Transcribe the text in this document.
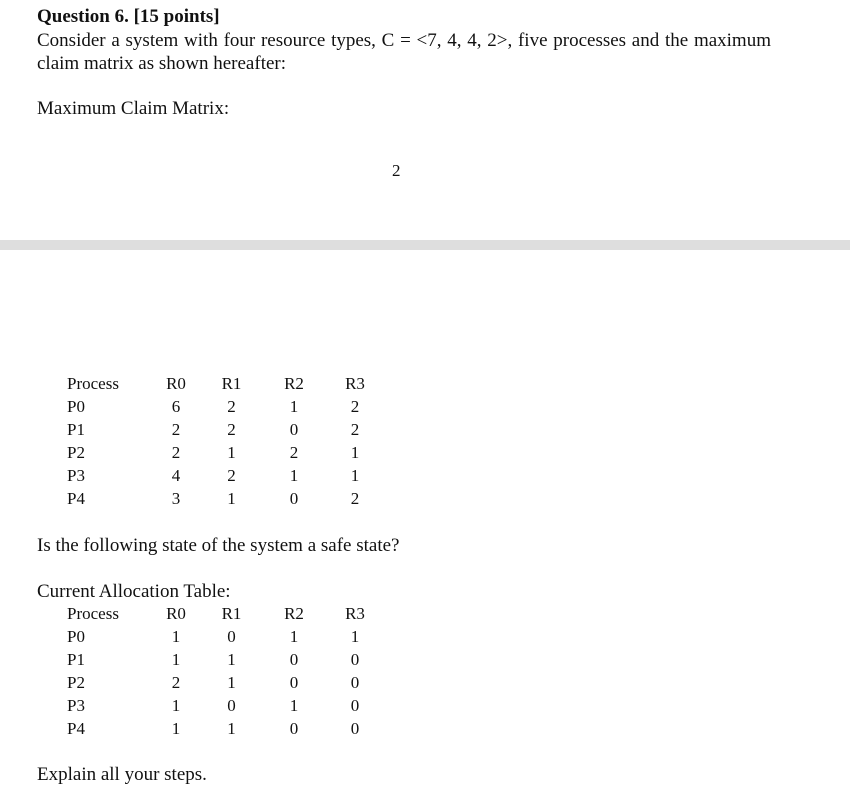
Question 6. [15 points]
Consider a system with four resource types, C = <7, 4, 4, 2>, five processes and the maximum claim matrix as shown hereafter:
Maximum Claim Matrix:
2
Process	R0	R1	R2	R3
P0	6	2	1	2
P1	2	2	0	2
P2	2	1	2	1
P3	4	2	1	1
P4	3	1	0	2
Is the following state of the system a safe state?
Current Allocation Table:
Process	R0	R1	R2	R3
P0	1	0	1	1
P1	1	1	0	0
P2	2	1	0	0
P3	1	0	1	0
P4	1	1	0	0
Explain all your steps.
